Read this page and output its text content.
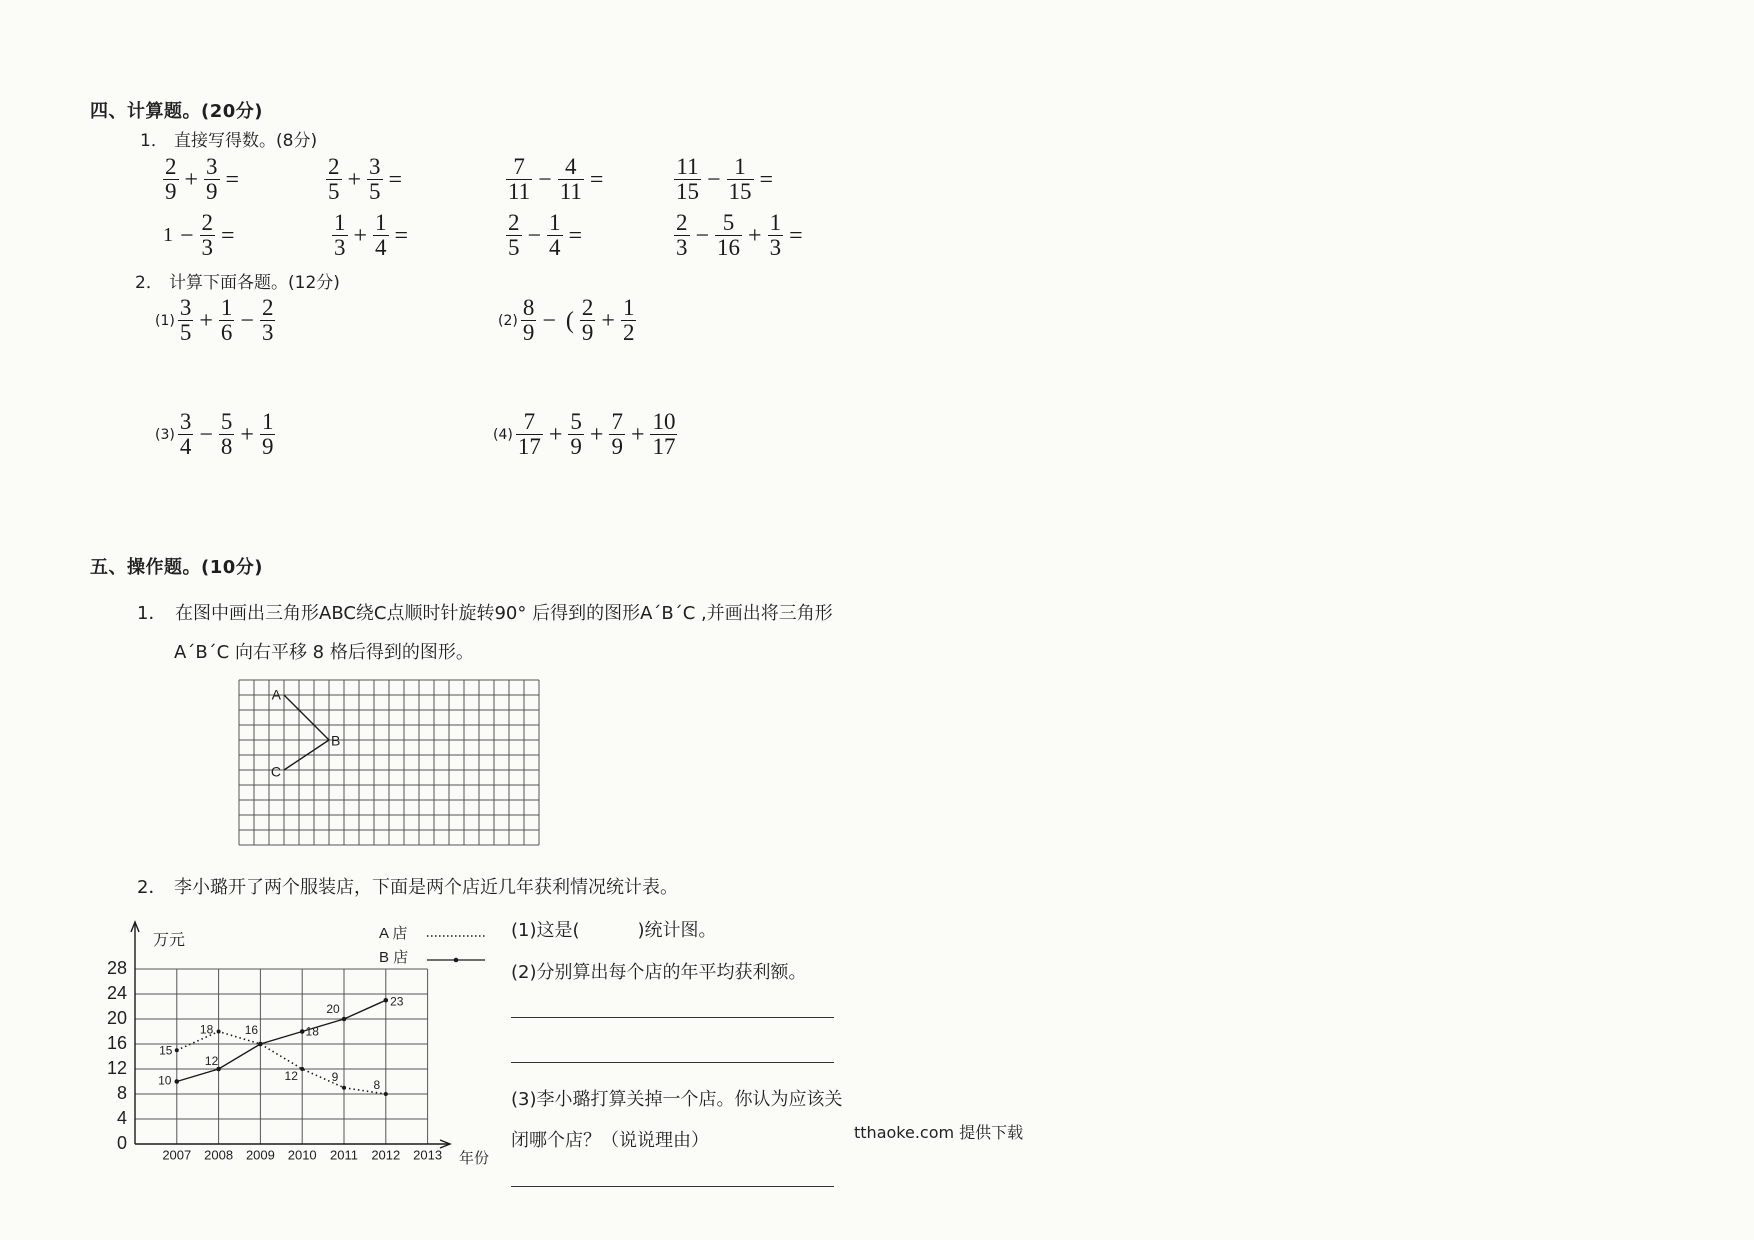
四、计算题。(20分)
1． 直接写得数。(8分)
2． 计算下面各题。(12分)
五、操作题。(10分)
1． 在图中画出三角形ABC绕C点顺时针旋转90° 后得到的图形A´B´C ,并画出将三角形
A´B´C 向右平移 8 格后得到的图形。
A
B
C
2． 李小璐开了两个服装店，下面是两个店近几年获利情况统计表。
0
4
8
12
16
20
24
28
2007 2008 2009 2010 2011 2012 2013
万元
年份
15
18	16
12	9
8
A 店
10
12
18
20
23
B 店
(1)这是(	)统计图。
(2)分别算出每个店的年平均获利额。
(3)李小璐打算关掉一个店。你认为应该关
闭哪个店？（说说理由）	tthaoke.com 提供下载
$\frac{2}{9} + \frac{3}{9}$ =	$\frac{2}{5} + \frac{3}{5}$ =	$\frac{7}{11} - \frac{4}{11}$ =	$\frac{11}{15} - \frac{1}{15}$ =
$1 - \frac{2}{3}$ =	$\frac{1}{3} + \frac{1}{4}$ =	$\frac{2}{5} - \frac{1}{4}$ =	$\frac{2}{3} - \frac{5}{16} + \frac{1}{3}$ =
$(1) \frac{3}{5} + \frac{1}{6} - \frac{2}{3}$	$(2) \frac{8}{9}$ − ( $\frac{2}{9} + \frac{1}{2}$
$(3) \frac{3}{4} - \frac{5}{8} + \frac{1}{9}$	$(4) \frac{7}{17} + \frac{5}{9} + \frac{7}{9} + \frac{10}{17}$
